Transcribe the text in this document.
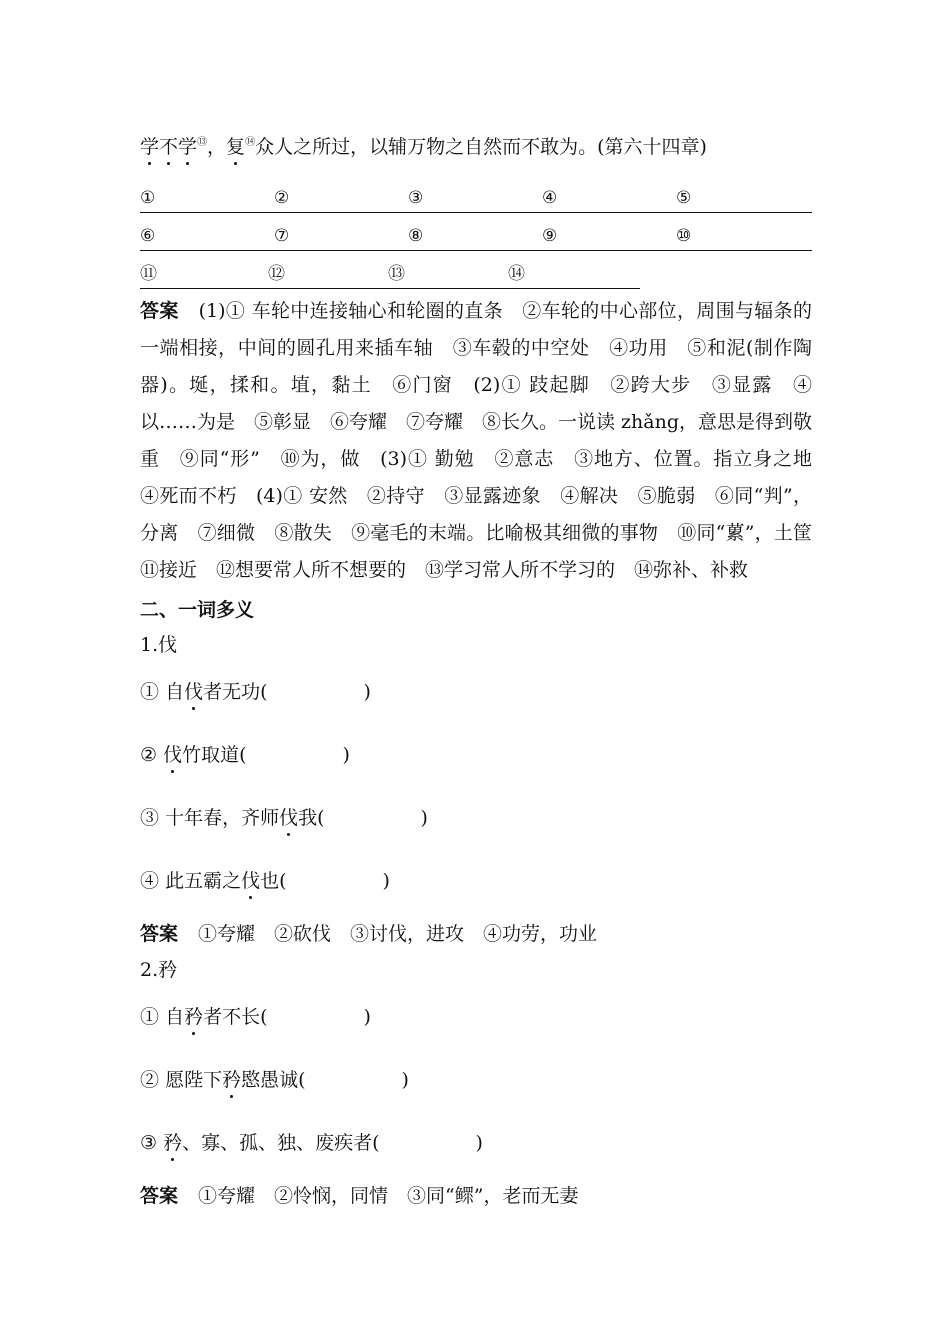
学不学⑬，复⑭众人之所过，以辅万物之自然而不敢为。(第六十四章)
①	②	③	④	⑤
⑥	⑦	⑧	⑨	⑩
⑪	⑫	⑬	⑭
答案 (1)① 车轮中连接轴心和轮圈的直条　②车轮的中心部位，周围与辐条的一端相接，中间的圆孔用来插车轴　③车毂的中空处　④功用　⑤和泥(制作陶器)。埏，揉和。埴，黏土　⑥门窗　(2)① 跂起脚　②跨大步　③显露　④以……为是　⑤彰显　⑥夸耀　⑦夸耀　⑧长久。一说读 zhǎng，意思是得到敬重　⑨同“形”　⑩为，做　(3)① 勤勉　②意志　③地方、位置。指立身之地　④死而不朽　(4)① 安然　②持守　③显露迹象　④解决　⑤脆弱　⑥同“判”，分离　⑦细微　⑧散失　⑨毫毛的末端。比喻极其细微的事物　⑩同“蔂”，土筐　⑪接近　⑫想要常人所不想要的　⑬学习常人所不学习的　⑭弥补、补救
二、一词多义
1.伐
① 自伐者无功(	)
② 伐竹取道(	)
③ 十年春，齐师伐我(	)
④ 此五霸之伐也(	)
答案 ①夸耀　②砍伐　③讨伐，进攻　④功劳，功业
2.矜
① 自矜者不长(	)
② 愿陛下矜愍愚诚(	)
③ 矜、寡、孤、独、废疾者(	)
答案 ①夸耀　②怜悯，同情　③同“鳏”，老而无妻
